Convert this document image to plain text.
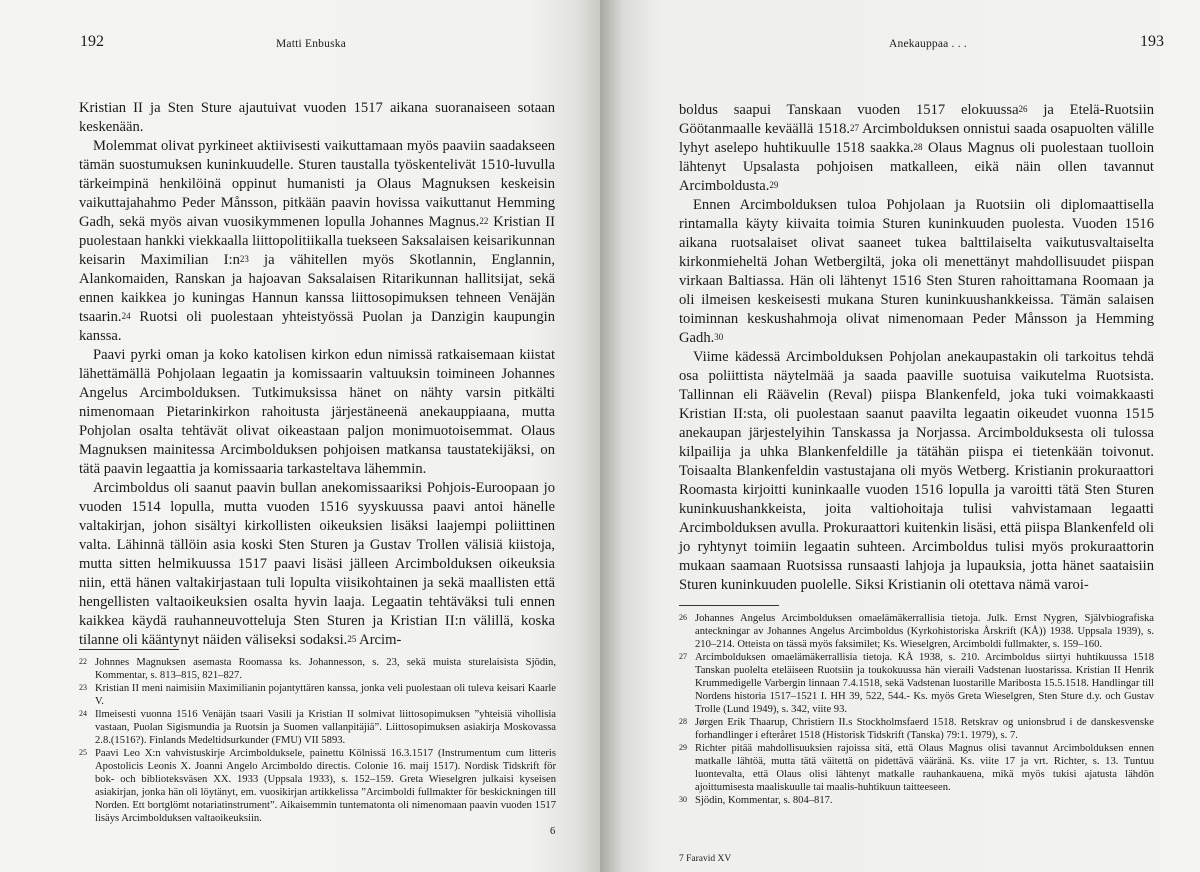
192	Matti Enbuska

Kristian II ja Sten Sture ajautuivat vuoden 1517 aikana suoranaiseen sotaan keskenään.

Molemmat olivat pyrkineet aktiivisesti vaikuttamaan myös paaviin saadakseen tämän suostumuksen kuninkuudelle. Sturen taustalla työskentelivät 1510-luvulla tärkeimpinä henkilöinä oppinut humanisti ja Olaus Magnuksen keskeisin vaikuttajahahmo Peder Månsson, pitkään paavin hovissa vaikuttanut Hemming Gadh, sekä myös aivan vuosikymmenen lopulla Johannes Magnus.$^{22}$ Kristian II puolestaan hankki viekkaalla liittopolitiikalla tuekseen Saksalaisen keisarikunnan keisarin Maximilian $I:n^{23}$ ja vähitellen myös Skotlannin, Englannin, Alankomaiden, Ranskan ja hajoavan Saksalaisen Ritarikunnan hallitsijat, sekä ennen kaikkea jo kuningas Hannun kanssa liittosopimuksen tehneen Venäjän tsaarin.$^{24}$ Ruotsi oli puolestaan yhteistyössä Puolan ja Danzigin kaupungin kanssa.

Paavi pyrki oman ja koko katolisen kirkon edun nimissä ratkaisemaan kiistat lähettämällä Pohjolaan legaatin ja komissaarin valtuuksin toimineen Johannes Angelus Arcimbolduksen. Tutkimuksissa hänet on nähty varsin pitkälti nimenomaan Pietarinkirkon rahoitusta järjestäneenä anekauppiaana, mutta Pohjolan osalta tehtävät olivat oikeastaan paljon monimuotoisemmat. Olaus Magnuksen mainitessa Arcimbolduksen pohjoisen matkansa taustatekijäksi, on tätä paavin legaattia ja komissaaria tarkasteltava lähemmin.

Arcimboldus oli saanut paavin bullan anekomissaariksi Pohjois-Euroopaan jo vuoden 1514 lopulla, mutta vuoden 1516 syyskuussa paavi antoi hänelle valtakirjan, johon sisältyi kirkollisten oikeuksien lisäksi laajempi poliittinen valta. Lähinnä tällöin asia koski Sten Sturen ja Gustav Trollen välisiä kiistoja, mutta sitten helmikuussa 1517 paavi lisäsi jälleen Arcimbolduksen oikeuksia niin, että hänen valtakirjastaan tuli lopulta viisikohtainen ja sekä maallisten että hengellisten valtaoikeuksien osalta hyvin laaja. Legaatin tehtäväksi tuli ennen kaikkea käydä rauhanneuvotteluja Sten Sturen ja Kristian II:n välillä, koska tilanne oli kääntynyt näiden väliseksi sodaksi.$^{25}$ Arcim-

22 Johnnes Magnuksen asemasta Roomassa ks. Johannesson, s. 23, sekä muista sturelaisista Sjödin, Kommentar, s. 813–815, 821–827.
23 Kristian II meni naimisiin Maximilianin pojantyttären kanssa, jonka veli puolestaan oli tuleva keisari Kaarle V.
24 Ilmeisesti vuonna 1516 Venäjän tsaari Vasili ja Kristian II solmivat liittosopimuksen ”yhteisiä vihollisia vastaan, Puolan Sigismundia ja Ruotsin ja Suomen vallanpitäjiä”. Liittosopimuksen asiakirja Moskovassa 2.8.(1516?). Finlands Medeltidsurkunder (FMU) VII 5893.
25 Paavi Leo X:n vahvistuskirje Arcimbolduksele, painettu Kölnissä 16.3.1517 (Instrumentum cum litteris Apostolicis Leonis X. Joanni Angelo Arcimboldo directis. Colonie 16. maij 1517). Nordisk Tidskrift för bok- och biblioteksväsen XX. 1933 (Uppsala 1933), s. 152–159. Greta Wieselgren julkaisi kyseisen asiakirjan, jonka hän oli löytänyt, em. vuosikirjan artikkelissa ”Arcimboldi fullmakter för beskickningen till Norden. Ett bortglömt notariatinstrument”. Aikaisemmin tuntematonta oli nimenomaan paavin vuoden 1517 lisäys Arcimbolduksen valtaoikeuksiin.
6
Anekauppaa . . .	193

boldus saapui Tanskaan vuoden 1517 elokuussa$^{26}$ ja Etelä-Ruotsiin Göötanmaalle keväällä 1518.27 Arcimbolduksen onnistui saada osapuolten välille lyhyt aselepo huhtikuulle 1518 saakka.$^{28}$ Olaus Magnus oli puolestaan tuolloin lähtenyt Upsalasta pohjoisen matkalleen, eikä näin ollen tavannut Arcimboldusta.$^{29}$

Ennen Arcimbolduksen tuloa Pohjolaan ja Ruotsiin oli diplomaattisella rintamalla käyty kiivaita toimia Sturen kuninkuuden puolesta. Vuoden 1516 aikana ruotsalaiset olivat saaneet tukea balttilaiselta vaikutusvaltaiselta kirkonmieheltä Johan Wetbergiltä, joka oli menettänyt mahdollisuudet piispan virkaan Baltiassa. Hän oli lähtenyt 1516 Sten Sturen rahoittamana Roomaan ja oli ilmeisen keskeisesti mukana Sturen kuninkuushankkeissa. Tämän salaisen toiminnan keskushahmoja olivat nimenomaan Peder Månsson ja Hemming Gadh.$^{30}$

Viime kädessä Arcimbolduksen Pohjolan anekaupastakin oli tarkoitus tehdä osa poliittista näytelmää ja saada paaville suotuisa vaikutelma Ruotsista. Tallinnan eli Räävelin (Reval) piispa Blankenfeld, joka tuki voimakkaasti Kristian II:sta, oli puolestaan saanut paavilta legaatin oikeudet vuonna 1515 anekaupan järjestelyihin Tanskassa ja Norjassa. Arcimbolduksesta oli tulossa kilpailija ja uhka Blankenfeldille ja tätähän piispa ei tietenkään toivonut. Toisaalta Blankenfeldin vastustajana oli myös Wetberg. Kristianin prokuraattori Roomasta kirjoitti kuninkaalle vuoden 1516 lopulla ja varoitti tätä Sten Sturen kuninkuushankkeista, joita valtiohoitaja tulisi vahvistamaan legaatti Arcimbolduksen avulla. Prokuraattori kuitenkin lisäsi, että piispa Blankenfeld oli jo ryhtynyt toimiin legaatin suhteen. Arcimboldus tulisi myös prokuraattorin mukaan saamaan Ruotsissa runsaasti lahjoja ja lupauksia, jotta hänet saataisiin Sturen kuninkuuden puolelle. Siksi Kristianin oli otettava nämä varoi-

26 Johannes Angelus Arcimbolduksen omaelämäkerrallisia tietoja. Julk. Ernst Nygren, Självbiografiska anteckningar av Johannes Angelus Arcimboldus (Kyrkohistoriska Årskrift (KÅ)) 1938. Uppsala 1939), s. 210–214. Otteista on tässä myös faksimilet; Ks. Wieselgren, Arcimboldi fullmakter, s. 159–160.
27 Arcimbolduksen omaelämäkerrallisia tietoja. KÅ 1938, s. 210. Arcimboldus siirtyi huhtikuussa 1518 Tanskan puolelta eteläiseen Ruotsiin ja toukokuussa hän vieraili Vadstenan luostarissa. Kristian II Henrik Krummedigelle Varbergin linnaan 7.4.1518, sekä Vadstenan luostarille Maribosta 15.5.1518. Handlingar till Nordens historia 1517–1521 I. HH 39, 522, 544.- Ks. myös Greta Wieselgren, Sten Sture d.y. och Gustav Trolle (Lund 1949), s. 342, viite 93.
28 Jørgen Erik Thaarup, Christiern II.s Stockholmsfaerd 1518. Retskrav og unionsbrud i de danskesvenske forhandlinger i efteråret 1518 (Historisk Tidskrift (Tanska) 79:1. 1979), s. 7.
29 Richter pitää mahdollisuuksien rajoissa sitä, että Olaus Magnus olisi tavannut Arcimbolduksen ennen matkalle lähtöä, mutta tätä väitettä on pidettävä vääränä. Ks. viite 17 ja vrt. Richter, s. 13. Tuntuu luontevalta, että Olaus olisi lähtenyt matkalle rauhankauena, mikä myös tukisi ajatusta lähdön ajoittumisesta maaliskuulle tai maalis-huhtikuun taitteeseen.
30 Sjödin, Kommentar, s. 804–817.
7 Faravid XV
